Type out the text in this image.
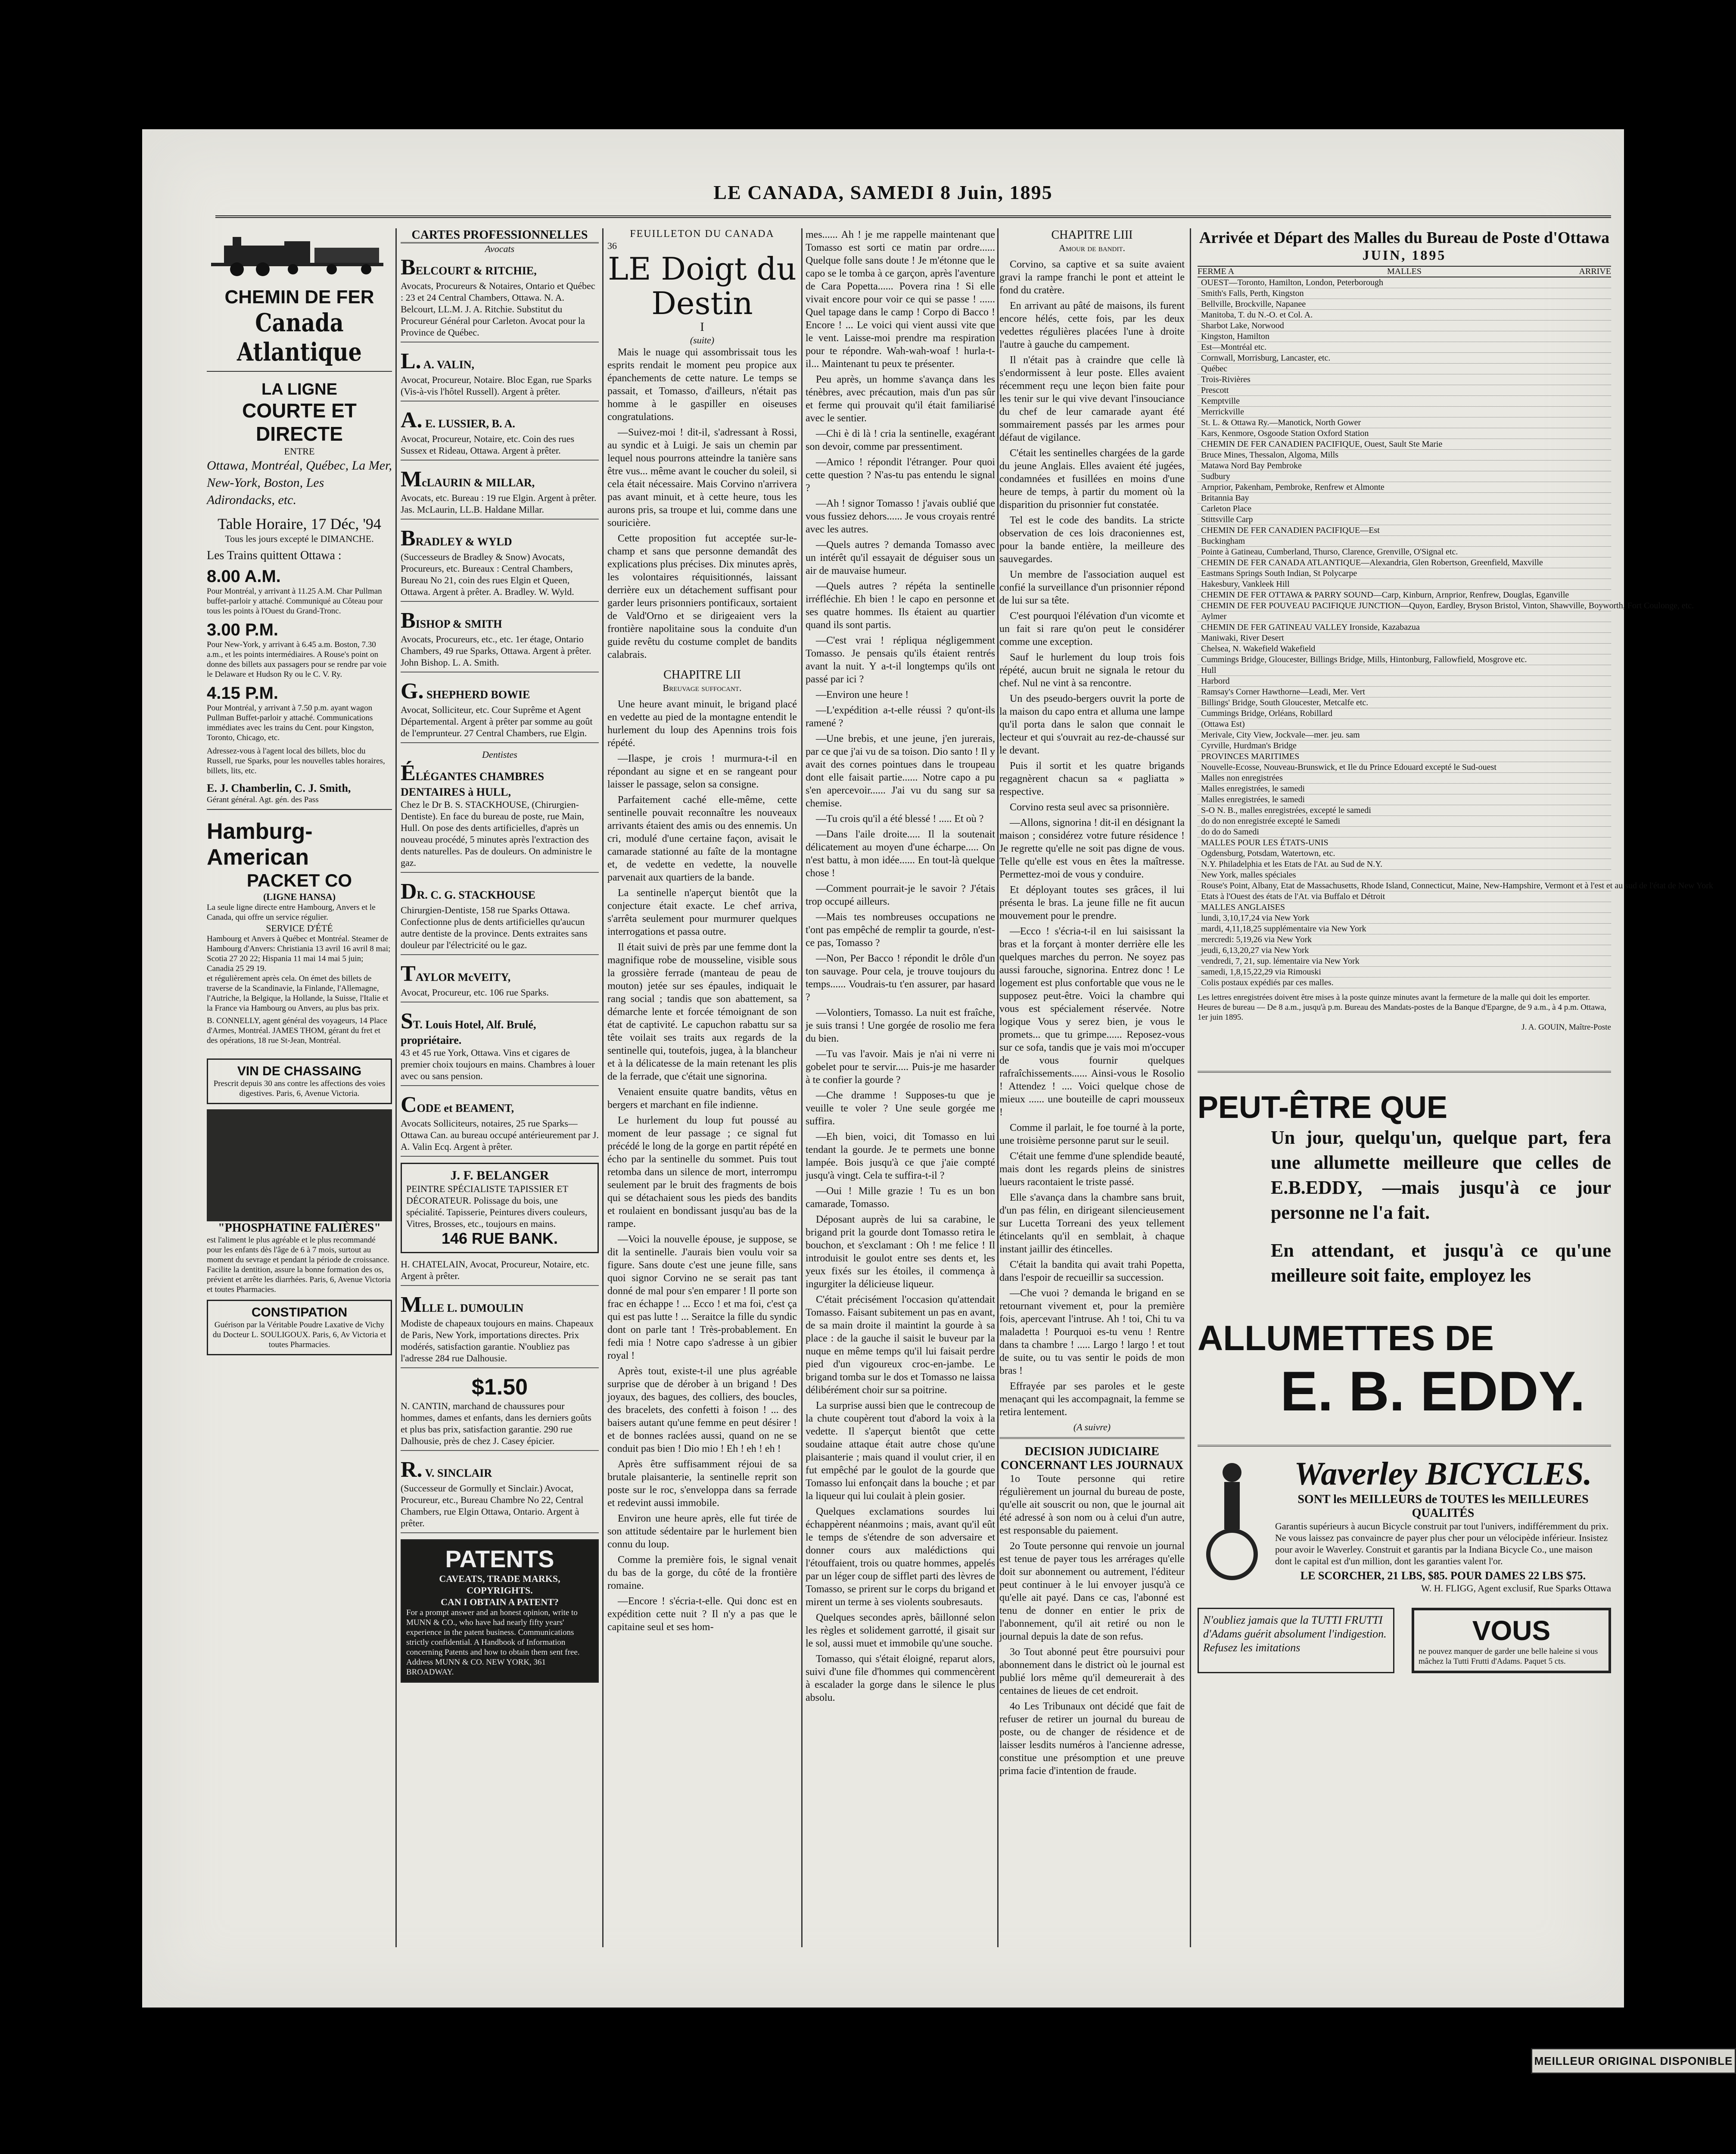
LE CANADA, SAMEDI 8 Juin, 1895
CHEMIN DE FER
Canada Atlantique
LA LIGNE
COURTE ET DIRECTE
ENTRE
Ottawa, Montréal, Québec, La Mer, New-York, Boston, Les Adirondacks, etc.
Table Horaire, 17 Déc, '94
Tous les jours excepté le DIMANCHE.
Les Trains quittent Ottawa :
8.00 A.M.
Pour Montréal, y arrivant à 11.25 A.M. Char Pullman buffet-parloir y attaché. Communiqué au Côteau pour tous les points à l'Ouest du Grand-Tronc.
3.00 P.M.
Pour New-York, y arrivant à 6.45 a.m. Boston, 7.30 a.m., et les points intermédiaires. A Rouse's point on donne des billets aux passagers pour se rendre par voie le Delaware et Hudson Ry ou le C. V. Ry.
4.15 P.M.
Pour Montréal, y arrivant à 7.50 p.m. ayant wagon Pullman Buffet-parloir y attaché. Communications immédiates avec les trains du Cent. pour Kingston, Toronto, Chicago, etc.
Adressez-vous à l'agent local des billets, bloc du Russell, rue Sparks, pour les nouvelles tables horaires, billets, lits, etc.
E. J. Chamberlin, C. J. Smith,
Gérant général. Agt. gén. des Pass
Hamburg-American
PACKET CO
(LIGNE HANSA)
La seule ligne directe entre Hambourg, Anvers et le Canada, qui offre un service régulier.
SERVICE D'ÉTÉ
Hambourg et Anvers à Québec et Montréal. Steamer de Hambourg d'Anvers: Christiania 13 avril 16 avril 8 mai; Scotia 27 20 22; Hispania 11 mai 14 mai 5 juin; Canadia 25 29 19.
et régulièrement après cela. On émet des billets de traverse de la Scandinavie, la Finlande, l'Allemagne, l'Autriche, la Belgique, la Hollande, la Suisse, l'Italie et la France via Hambourg ou Anvers, au plus bas prix.
B. CONNELLY, agent général des voyageurs, 14 Place d'Armes, Montréal. JAMES THOM, gérant du fret et des opérations, 18 rue St-Jean, Montréal.
VIN DE CHASSAING
Prescrit depuis 30 ans contre les affections des voies digestives. Paris, 6, Avenue Victoria.
"PHOSPHATINE FALIÈRES"
est l'aliment le plus agréable et le plus recommandé pour les enfants dès l'âge de 6 à 7 mois, surtout au moment du sevrage et pendant la période de croissance. Facilite la dentition, assure la bonne formation des os, prévient et arrête les diarrhées. Paris, 6, Avenue Victoria et toutes Pharmacies.
CONSTIPATION
Guérison par la Véritable Poudre Laxative de Vichy du Docteur L. SOULIGOUX. Paris, 6, Av Victoria et toutes Pharmacies.
CARTES PROFESSIONNELLES
Avocats
BELCOURT & RITCHIE,
Avocats, Procureurs & Notaires, Ontario et Québec : 23 et 24 Central Chambers, Ottawa. N. A. Belcourt, LL.M. J. A. Ritchie. Substitut du Procureur Général pour Carleton. Avocat pour la Province de Québec.
L. A. VALIN,
Avocat, Procureur, Notaire. Bloc Egan, rue Sparks (Vis-à-vis l'hôtel Russell). Argent à prêter.
A. E. LUSSIER, B. A.
Avocat, Procureur, Notaire, etc. Coin des rues Sussex et Rideau, Ottawa. Argent à prêter.
McLAURIN & MILLAR,
Avocats, etc. Bureau : 19 rue Elgin. Argent à prêter. Jas. McLaurin, LL.B. Haldane Millar.
BRADLEY & WYLD
(Successeurs de Bradley & Snow) Avocats, Procureurs, etc. Bureaux : Central Chambers, Bureau No 21, coin des rues Elgin et Queen, Ottawa. Argent à prêter. A. Bradley. W. Wyld.
BISHOP & SMITH
Avocats, Procureurs, etc., etc. 1er étage, Ontario Chambers, 49 rue Sparks, Ottawa. Argent à prêter. John Bishop. L. A. Smith.
G. SHEPHERD BOWIE
Avocat, Solliciteur, etc. Cour Suprême et Agent Départemental. Argent à prêter par somme au goût de l'emprunteur. 27 Central Chambers, rue Elgin.
Dentistes
ÉLÉGANTES CHAMBRES DENTAIRES à HULL,
Chez le Dr B. S. STACKHOUSE, (Chirurgien-Dentiste). En face du bureau de poste, rue Main, Hull. On pose des dents artificielles, d'après un nouveau procédé, 5 minutes après l'extraction des dents naturelles. Pas de douleurs. On administre le gaz.
DR. C. G. STACKHOUSE
Chirurgien-Dentiste, 158 rue Sparks Ottawa. Confectionne plus de dents artificielles qu'aucun autre dentiste de la province. Dents extraites sans douleur par l'électricité ou le gaz.
TAYLOR McVEITY,
Avocat, Procureur, etc. 106 rue Sparks.
ST. Louis Hotel, Alf. Brulé, propriétaire.
43 et 45 rue York, Ottawa. Vins et cigares de premier choix toujours en mains. Chambres à louer avec ou sans pension.
CODE et BEAMENT,
Avocats Solliciteurs, notaires, 25 rue Sparks—Ottawa Can. au bureau occupé antérieurement par J. A. Valin Ecq. Argent à prêter.
J. F. BELANGER
PEINTRE SPÉCIALISTE TAPISSIER ET DÉCORATEUR. Polissage du bois, une spécialité. Tapisserie, Peintures divers couleurs, Vitres, Brosses, etc., toujours en mains.
146 RUE BANK.
H. CHATELAIN, Avocat, Procureur, Notaire, etc. Argent à prêter.
MLLE L. DUMOULIN
Modiste de chapeaux toujours en mains. Chapeaux de Paris, New York, importations directes. Prix modérés, satisfaction garantie. N'oubliez pas l'adresse 284 rue Dalhousie.
$1.50
N. CANTIN, marchand de chaussures pour hommes, dames et enfants, dans les derniers goûts et plus bas prix, satisfaction garantie. 290 rue Dalhousie, près de chez J. Casey épicier.
R. V. SINCLAIR
(Successeur de Gormully et Sinclair.) Avocat, Procureur, etc., Bureau Chambre No 22, Central Chambers, rue Elgin Ottawa, Ontario. Argent à prêter.
PATENTS
CAVEATS, TRADE MARKS, COPYRIGHTS.
CAN I OBTAIN A PATENT?
For a prompt answer and an honest opinion, write to MUNN & CO., who have had nearly fifty years' experience in the patent business. Communications strictly confidential. A Handbook of Information concerning Patents and how to obtain them sent free. Address MUNN & CO. NEW YORK, 361 BROADWAY.
FEUILLETON DU CANADA
36
LE Doigt du Destin
I
(suite)

Mais le nuage qui assombrissait tous les esprits rendait le moment peu propice aux épanchements de cette nature. Le temps se passait, et Tomasso, d'ailleurs, n'était pas homme à le gaspiller en oiseuses congratulations.

—Suivez-moi ! dit-il, s'adressant à Rossi, au syndic et à Luigi. Je sais un chemin par lequel nous pourrons atteindre la tanière sans être vus... même avant le coucher du soleil, si cela était nécessaire. Mais Corvino n'arrivera pas avant minuit, et à cette heure, tous les aurons pris, sa troupe et lui, comme dans une souricière.

Cette proposition fut acceptée sur-le-champ et sans que personne demandât des explications plus précises. Dix minutes après, les volontaires réquisitionnés, laissant derrière eux un détachement suffisant pour garder leurs prisonniers pontificaux, sortaient de Vald'Orno et se dirigeaient vers la frontière napolitaine sous la conduite d'un guide revêtu du costume complet de bandits calabrais.

CHAPITRE LII
Breuvage suffocant.

Une heure avant minuit, le brigand placé en vedette au pied de la montagne entendit le hurlement du loup des Apennins trois fois répété.

—Ilaspe, je crois ! murmura-t-il en répondant au signe et en se rangeant pour laisser le passage, selon sa consigne.

Parfaitement caché elle-même, cette sentinelle pouvait reconnaître les nouveaux arrivants étaient des amis ou des ennemis. Un cri, modulé d'une certaine façon, avisait le camarade stationné au faîte de la montagne et, de vedette en vedette, la nouvelle parvenait aux quartiers de la bande.

La sentinelle n'aperçut bientôt que la conjecture était exacte. Le chef arriva, s'arrêta seulement pour murmurer quelques interrogations et passa outre.

Il était suivi de près par une femme dont la magnifique robe de mousseline, visible sous la grossière ferrade (manteau de peau de mouton) jetée sur ses épaules, indiquait le rang social ; tandis que son abattement, sa démarche lente et forcée témoignant de son état de captivité. Le capuchon rabattu sur sa tête voilait ses traits aux regards de la sentinelle qui, toutefois, jugea, à la blancheur et à la délicatesse de la main retenant les plis de la ferrade, que c'était une signorina.

Venaient ensuite quatre bandits, vêtus en bergers et marchant en file indienne.

Le hurlement du loup fut poussé au moment de leur passage ; ce signal fut précédé le long de la gorge en partit répété en écho par la sentinelle du sommet. Puis tout retomba dans un silence de mort, interrompu seulement par le bruit des fragments de bois qui se détachaient sous les pieds des bandits et roulaient en bondissant jusqu'au bas de la rampe.

—Voici la nouvelle épouse, je suppose, se dit la sentinelle. J'aurais bien voulu voir sa figure. Sans doute c'est une jeune fille, sans quoi signor Corvino ne se serait pas tant donné de mal pour s'en emparer ! Il porte son frac en échappe ! ... Ecco ! et ma foi, c'est ça qui est pas lutte ! ... Seraitce la fille du syndic dont on parle tant ! Très-probablement. En fedi mia ! Notre capo s'adresse à un gibier royal !

Après tout, existe-t-il une plus agréable surprise que de dérober à un brigand ! Des joyaux, des bagues, des colliers, des boucles, des bracelets, des confetti à foison ! ... des baisers autant qu'une femme en peut désirer ! et de bonnes raclées aussi, quand on ne se conduit pas bien ! Dio mio ! Eh ! eh ! eh !

Après être suffisamment réjoui de sa brutale plaisanterie, la sentinelle reprit son poste sur le roc, s'enveloppa dans sa ferrade et redevint aussi immobile.

Environ une heure après, elle fut tirée de son attitude sédentaire par le hurlement bien connu du loup.

Comme la première fois, le signal venait du bas de la gorge, du côté de la frontière romaine.

—Encore ! s'écria-t-elle. Qui donc est en expédition cette nuit ? Il n'y a pas que le capitaine seul et ses hom-

mes...... Ah ! je me rappelle maintenant que Tomasso est sorti ce matin par ordre...... Quelque folle sans doute ! Je m'étonne que le capo se le tomba à ce garçon, après l'aventure de Cara Popetta...... Povera rina ! Si elle vivait encore pour voir ce qui se passe ! ...... Quel tapage dans le camp ! Corpo di Bacco ! Encore ! ... Le voici qui vient aussi vite que le vent. Laisse-moi prendre ma respiration pour te répondre. Wah-wah-woaf ! hurla-t-il... Maintenant tu peux te présenter.

Peu après, un homme s'avança dans les ténèbres, avec précaution, mais d'un pas sûr et ferme qui prouvait qu'il était familiarisé avec le sentier.

—Chi è di là ! cria la sentinelle, exagérant son devoir, comme par pressentiment.

—Amico ! répondit l'étranger. Pour quoi cette question ? N'as-tu pas entendu le signal ?

—Ah ! signor Tomasso ! j'avais oublié que vous fussiez dehors...... Je vous croyais rentré avec les autres.

—Quels autres ? demanda Tomasso avec un intérêt qu'il essayait de déguiser sous un air de mauvaise humeur.

—Quels autres ? répéta la sentinelle irréfléchie. Eh bien ! le capo en personne et ses quatre hommes. Ils étaient au quartier quand ils sont partis.

—C'est vrai ! répliqua négligemment Tomasso. Je pensais qu'ils étaient rentrés avant la nuit. Y a-t-il longtemps qu'ils ont passé par ici ?

—Environ une heure !

—L'expédition a-t-elle réussi ? qu'ont-ils ramené ?

—Une brebis, et une jeune, j'en jurerais, par ce que j'ai vu de sa toison. Dio santo ! Il y avait des cornes pointues dans le troupeau dont elle faisait partie...... Notre capo a pu s'en apercevoir...... J'ai vu du sang sur sa chemise.

—Tu crois qu'il a été blessé ! ..... Et où ?

—Dans l'aile droite..... Il la soutenait délicatement au moyen d'une écharpe..... On n'est battu, à mon idée...... En tout-là quelque chose !

—Comment pourrait-je le savoir ? J'étais trop occupé ailleurs.

—Mais tes nombreuses occupations ne t'ont pas empêché de remplir ta gourde, n'est-ce pas, Tomasso ?

—Non, Per Bacco ! répondit le drôle d'un ton sauvage. Pour cela, je trouve toujours du temps...... Voudrais-tu t'en assurer, par hasard ?

—Volontiers, Tomasso. La nuit est fraîche, je suis transi ! Une gorgée de rosolio me fera du bien.

—Tu vas l'avoir. Mais je n'ai ni verre ni gobelet pour te servir..... Puis-je me hasarder à te confier la gourde ?

—Che dramme ! Supposes-tu que je veuille te voler ? Une seule gorgée me suffira.

—Eh bien, voici, dit Tomasso en lui tendant la gourde. Je te permets une bonne lampée. Bois jusqu'à ce que j'aie compté jusqu'à vingt. Cela te suffira-t-il ?

—Oui ! Mille grazie ! Tu es un bon camarade, Tomasso.

Déposant auprès de lui sa carabine, le brigand prit la gourde dont Tomasso retira le bouchon, et s'exclamant : Oh ! me felice ! Il introduisit le goulot entre ses dents et, les yeux fixés sur les étoiles, il commença à ingurgiter la délicieuse liqueur.

C'était précisément l'occasion qu'attendait Tomasso. Faisant subitement un pas en avant, de sa main droite il maintint la gourde à sa place : de la gauche il saisit le buveur par la nuque en même temps qu'il lui faisait perdre pied d'un vigoureux croc-en-jambe. Le brigand tomba sur le dos et Tomasso ne laissa délibérément choir sur sa poitrine.

La surprise aussi bien que le contrecoup de la chute coupèrent tout d'abord la voix à la vedette. Il s'aperçut bientôt que cette soudaine attaque était autre chose qu'une plaisanterie ; mais quand il voulut crier, il en fut empêché par le goulot de la gourde que Tomasso lui enfonçait dans la bouche ; et par la liqueur qui lui coulait à plein gosier.

Quelques exclamations sourdes lui échappèrent néanmoins ; mais, avant qu'il eût le temps de s'étendre de son adversaire et donner cours aux malédictions qui l'étouffaient, trois ou quatre hommes, appelés par un léger coup de sifflet parti des lèvres de Tomasso, se prirent sur le corps du brigand et mirent un terme à ses violents soubresauts.

Quelques secondes après, bâillonné selon les règles et solidement garrotté, il gisait sur le sol, aussi muet et immobile qu'une souche.

Tomasso, qui s'était éloigné, reparut alors, suivi d'une file d'hommes qui commencèrent à escalader la gorge dans le silence le plus absolu.

CHAPITRE LIII
Amour de bandit.

Corvino, sa captive et sa suite avaient gravi la rampe franchi le pont et atteint le fond du cratère.

En arrivant au pâté de maisons, ils furent encore hélés, cette fois, par les deux vedettes régulières placées l'une à droite l'autre à gauche du campement.

Il n'était pas à craindre que celle là s'endormissent à leur poste. Elles avaient récemment reçu une leçon bien faite pour les tenir sur le qui vive devant l'insouciance du chef de leur camarade ayant été sommairement passés par les armes pour défaut de vigilance.

C'était les sentinelles chargées de la garde du jeune Anglais. Elles avaient été jugées, condamnées et fusillées en moins d'une heure de temps, à partir du moment où la disparition du prisonnier fut constatée.

Tel est le code des bandits. La stricte observation de ces lois draconiennes est, pour la bande entière, la meilleure des sauvegardes.

Un membre de l'association auquel est confié la surveillance d'un prisonnier répond de lui sur sa tête.

C'est pourquoi l'élévation d'un vicomte et un fait si rare qu'on peut le considérer comme une exception.

Sauf le hurlement du loup trois fois répété, aucun bruit ne signala le retour du chef. Nul ne vint à sa rencontre.

Un des pseudo-bergers ouvrit la porte de la maison du capo entra et alluma une lampe qu'il porta dans le salon que connait le lecteur et qui s'ouvrait au rez-de-chaussé sur le devant.

Puis il sortit et les quatre brigands regagnèrent chacun sa « pagliatta » respective.

Corvino resta seul avec sa prisonnière.

—Allons, signorina ! dit-il en désignant la maison ; considérez votre future résidence ! Je regrette qu'elle ne soit pas digne de vous. Telle qu'elle est vous en êtes la maîtresse. Permettez-moi de vous y conduire.

Et déployant toutes ses grâces, il lui présenta le bras. La jeune fille ne fit aucun mouvement pour le prendre.

—Ecco ! s'écria-t-il en lui saisissant la bras et la forçant à monter derrière elle les quelques marches du perron. Ne soyez pas aussi farouche, signorina. Entrez donc ! Le logement est plus confortable que vous ne le supposez peut-être. Voici la chambre qui vous est spécialement réservée. Notre logique Vous y serez bien, je vous le promets... que tu grimpe...... Reposez-vous sur ce sofa, tandis que je vais moi m'occuper de vous fournir quelques rafraîchissements...... Ainsi-vous le Rosolio ! Attendez ! .... Voici quelque chose de mieux ...... une bouteille de capri mousseux !

Comme il parlait, le foe tourné à la porte, une troisième personne parut sur le seuil.

C'était une femme d'une splendide beauté, mais dont les regards pleins de sinistres lueurs racontaient le triste passé.

Elle s'avança dans la chambre sans bruit, d'un pas félin, en dirigeant silencieusement sur Lucetta Torreani des yeux tellement étincelants qu'il en semblait, à chaque instant jaillir des étincelles.

C'était la bandita qui avait trahi Popetta, dans l'espoir de recueillir sa succession.

—Che vuoi ? demanda le brigand en se retournant vivement et, pour la première fois, apercevant l'intruse. Ah ! toi, Chi tu va maladetta ! Pourquoi es-tu venu ! Rentre dans ta chambre ! ..... Largo ! largo ! et tout de suite, ou tu vas sentir le poids de mon bras !

Effrayée par ses paroles et le geste menaçant qui les accompagnait, la femme se retira lentement.

(A suivre)
DECISION JUDICIAIRE CONCERNANT LES JOURNAUX

1o Toute personne qui retire régulièrement un journal du bureau de poste, qu'elle ait souscrit ou non, que le journal ait été adressé à son nom ou à celui d'un autre, est responsable du paiement.

2o Toute personne qui renvoie un journal est tenue de payer tous les arrérages qu'elle doit sur abonnement ou autrement, l'éditeur peut continuer à le lui envoyer jusqu'à ce qu'elle ait payé. Dans ce cas, l'abonné est tenu de donner en entier le prix de l'abonnement, qu'il ait retiré ou non le journal depuis la date de son refus.

3o Tout abonné peut être poursuivi pour abonnement dans le district où le journal est publié lors même qu'il demeurerait à des centaines de lieues de cet endroit.

4o Les Tribunaux ont décidé que fait de refuser de retirer un journal du bureau de poste, ou de changer de résidence et de laisser lesdits numéros à l'ancienne adresse, constitue une présomption et une preuve prima facie d'intention de fraude.

Arrivée et Départ des Malles du Bureau de Poste d'Ottawa
JUIN, 1895
FERME A	MALLES	ARRIVE
OUEST—Toronto, Hamilton, London, Peterborough
Smith's Falls, Perth, Kingston
Bellville, Brockville, Napanee
Manitoba, T. du N.-O. et Col. A.
Sharbot Lake, Norwood
Kingston, Hamilton
Est—Montréal etc.
Cornwall, Morrisburg, Lancaster, etc.
Québec
Trois-Rivières
Prescott
Kemptville
Merrickville
St. L. & Ottawa Ry.—Manotick, North Gower
Kars, Kenmore, Osgoode Station Oxford Station
CHEMIN DE FER CANADIEN PACIFIQUE, Ouest, Sault Ste Marie
Bruce Mines, Thessalon, Algoma, Mills
Matawa Nord Bay Pembroke
Sudbury
Arnprior, Pakenham, Pembroke, Renfrew et Almonte
Britannia Bay
Carleton Place
Stittsville Carp
CHEMIN DE FER CANADIEN PACIFIQUE—Est
Buckingham
Pointe à Gatineau, Cumberland, Thurso, Clarence, Grenville, O'Signal etc.
CHEMIN DE FER CANADA ATLANTIQUE—Alexandria, Glen Robertson, Greenfield, Maxville
Eastmans Springs South Indian, St Polycarpe
Hakesbury, Vankleek Hill
CHEMIN DE FER OTTAWA & PARRY SOUND—Carp, Kinburn, Arnprior, Renfrew, Douglas, Eganville
CHEMIN DE FER POUVEAU PACIFIQUE JUNCTION—Quyon, Eardley, Bryson Bristol, Vinton, Shawville, Boyworth, Fort Coulonge, etc.
Aylmer
CHEMIN DE FER GATINEAU VALLEY Ironside, Kazabazua
Maniwaki, River Desert
Chelsea, N. Wakefield Wakefield
Cummings Bridge, Gloucester, Billings Bridge, Mills, Hintonburg, Fallowfield, Mosgrove etc.
Hull
Harbord
Ramsay's Corner Hawthorne—Leadi, Mer. Vert
Billings' Bridge, South Gloucester, Metcalfe etc.
Cummings Bridge, Orléans, Robillard
(Ottawa Est)
Merivale, City View, Jockvale—mer. jeu. sam
Cyrville, Hurdman's Bridge
PROVINCES MARITIMES
Nouvelle-Ecosse, Nouveau-Brunswick, et Ile du Prince Edouard excepté le Sud-ouest
Malles non enregistrées
Malles enregistrées, le samedi
Malles enregistrées, le samedi
S-O N. B., malles enregistrées, excepté le samedi
do do non enregistrée excepté le Samedi
do do do Samedi
MALLES POUR LES ÉTATS-UNIS
Ogdensburg, Potsdam, Watertown, etc.
N.Y. Philadelphia et les Etats de l'At. au Sud de N.Y.
New York, malles spéciales
Rouse's Point, Albany, Etat de Massachusetts, Rhode Island, Connecticut, Maine, New-Hampshire, Vermont et à l'est et au sud de l'état de New York
Etats à l'Ouest des états de l'At. via Buffalo et Détroit
MALLES ANGLAISES
lundi, 3,10,17,24 via New York
mardi, 4,11,18,25 supplémentaire via New York
mercredi: 5,19,26 via New York
jeudi, 6,13,20,27 via New York
vendredi, 7, 21, sup. lémentaire via New York
samedi, 1,8,15,22,29 via Rimouski
Colis postaux expédiés par ces malles.
Les lettres enregistrées doivent être mises à la poste quinze minutes avant la fermeture de la malle qui doit les emporter. Heures de bureau — De 8 a.m., jusqu'à p.m. Bureau des Mandats-postes de la Banque d'Epargne, de 9 a.m., à 4 p.m. Ottawa, 1er juin 1895.
J. A. GOUIN, Maître-Poste
PEUT-ÊTRE QUE
Un jour, quelqu'un, quelque part, fera une allumette meilleure que celles de E.B.EDDY, —mais jusqu'à ce jour personne ne l'a fait.
En attendant, et jusqu'à ce qu'une meilleure soit faite, employez les
ALLUMETTES DE
E. B. EDDY.
Waverley BICYCLES.
SONT les MEILLEURS de TOUTES les MEILLEURES QUALITÉS
Garantis supérieurs à aucun Bicycle construit par tout l'univers, indifféremment du prix. Ne vous laissez pas convaincre de payer plus cher pour un vélocipède inférieur. Insistez pour avoir le Waverley. Construit et garantis par la Indiana Bicycle Co., une maison dont le capital est d'un million, dont les garanties valent l'or.
LE SCORCHER, 21 LBS, $85. POUR DAMES 22 LBS $75.
W. H. FLIGG, Agent exclusif, Rue Sparks Ottawa
N'oubliez jamais que la TUTTI FRUTTI d'Adams guérit absolument l'indigestion. Refusez les imitations
VOUS
ne pouvez manquer de garder une belle haleine si vous mâchez la Tutti Frutti d'Adams. Paquet 5 cts.
MEILLEUR ORIGINAL DISPONIBLE
